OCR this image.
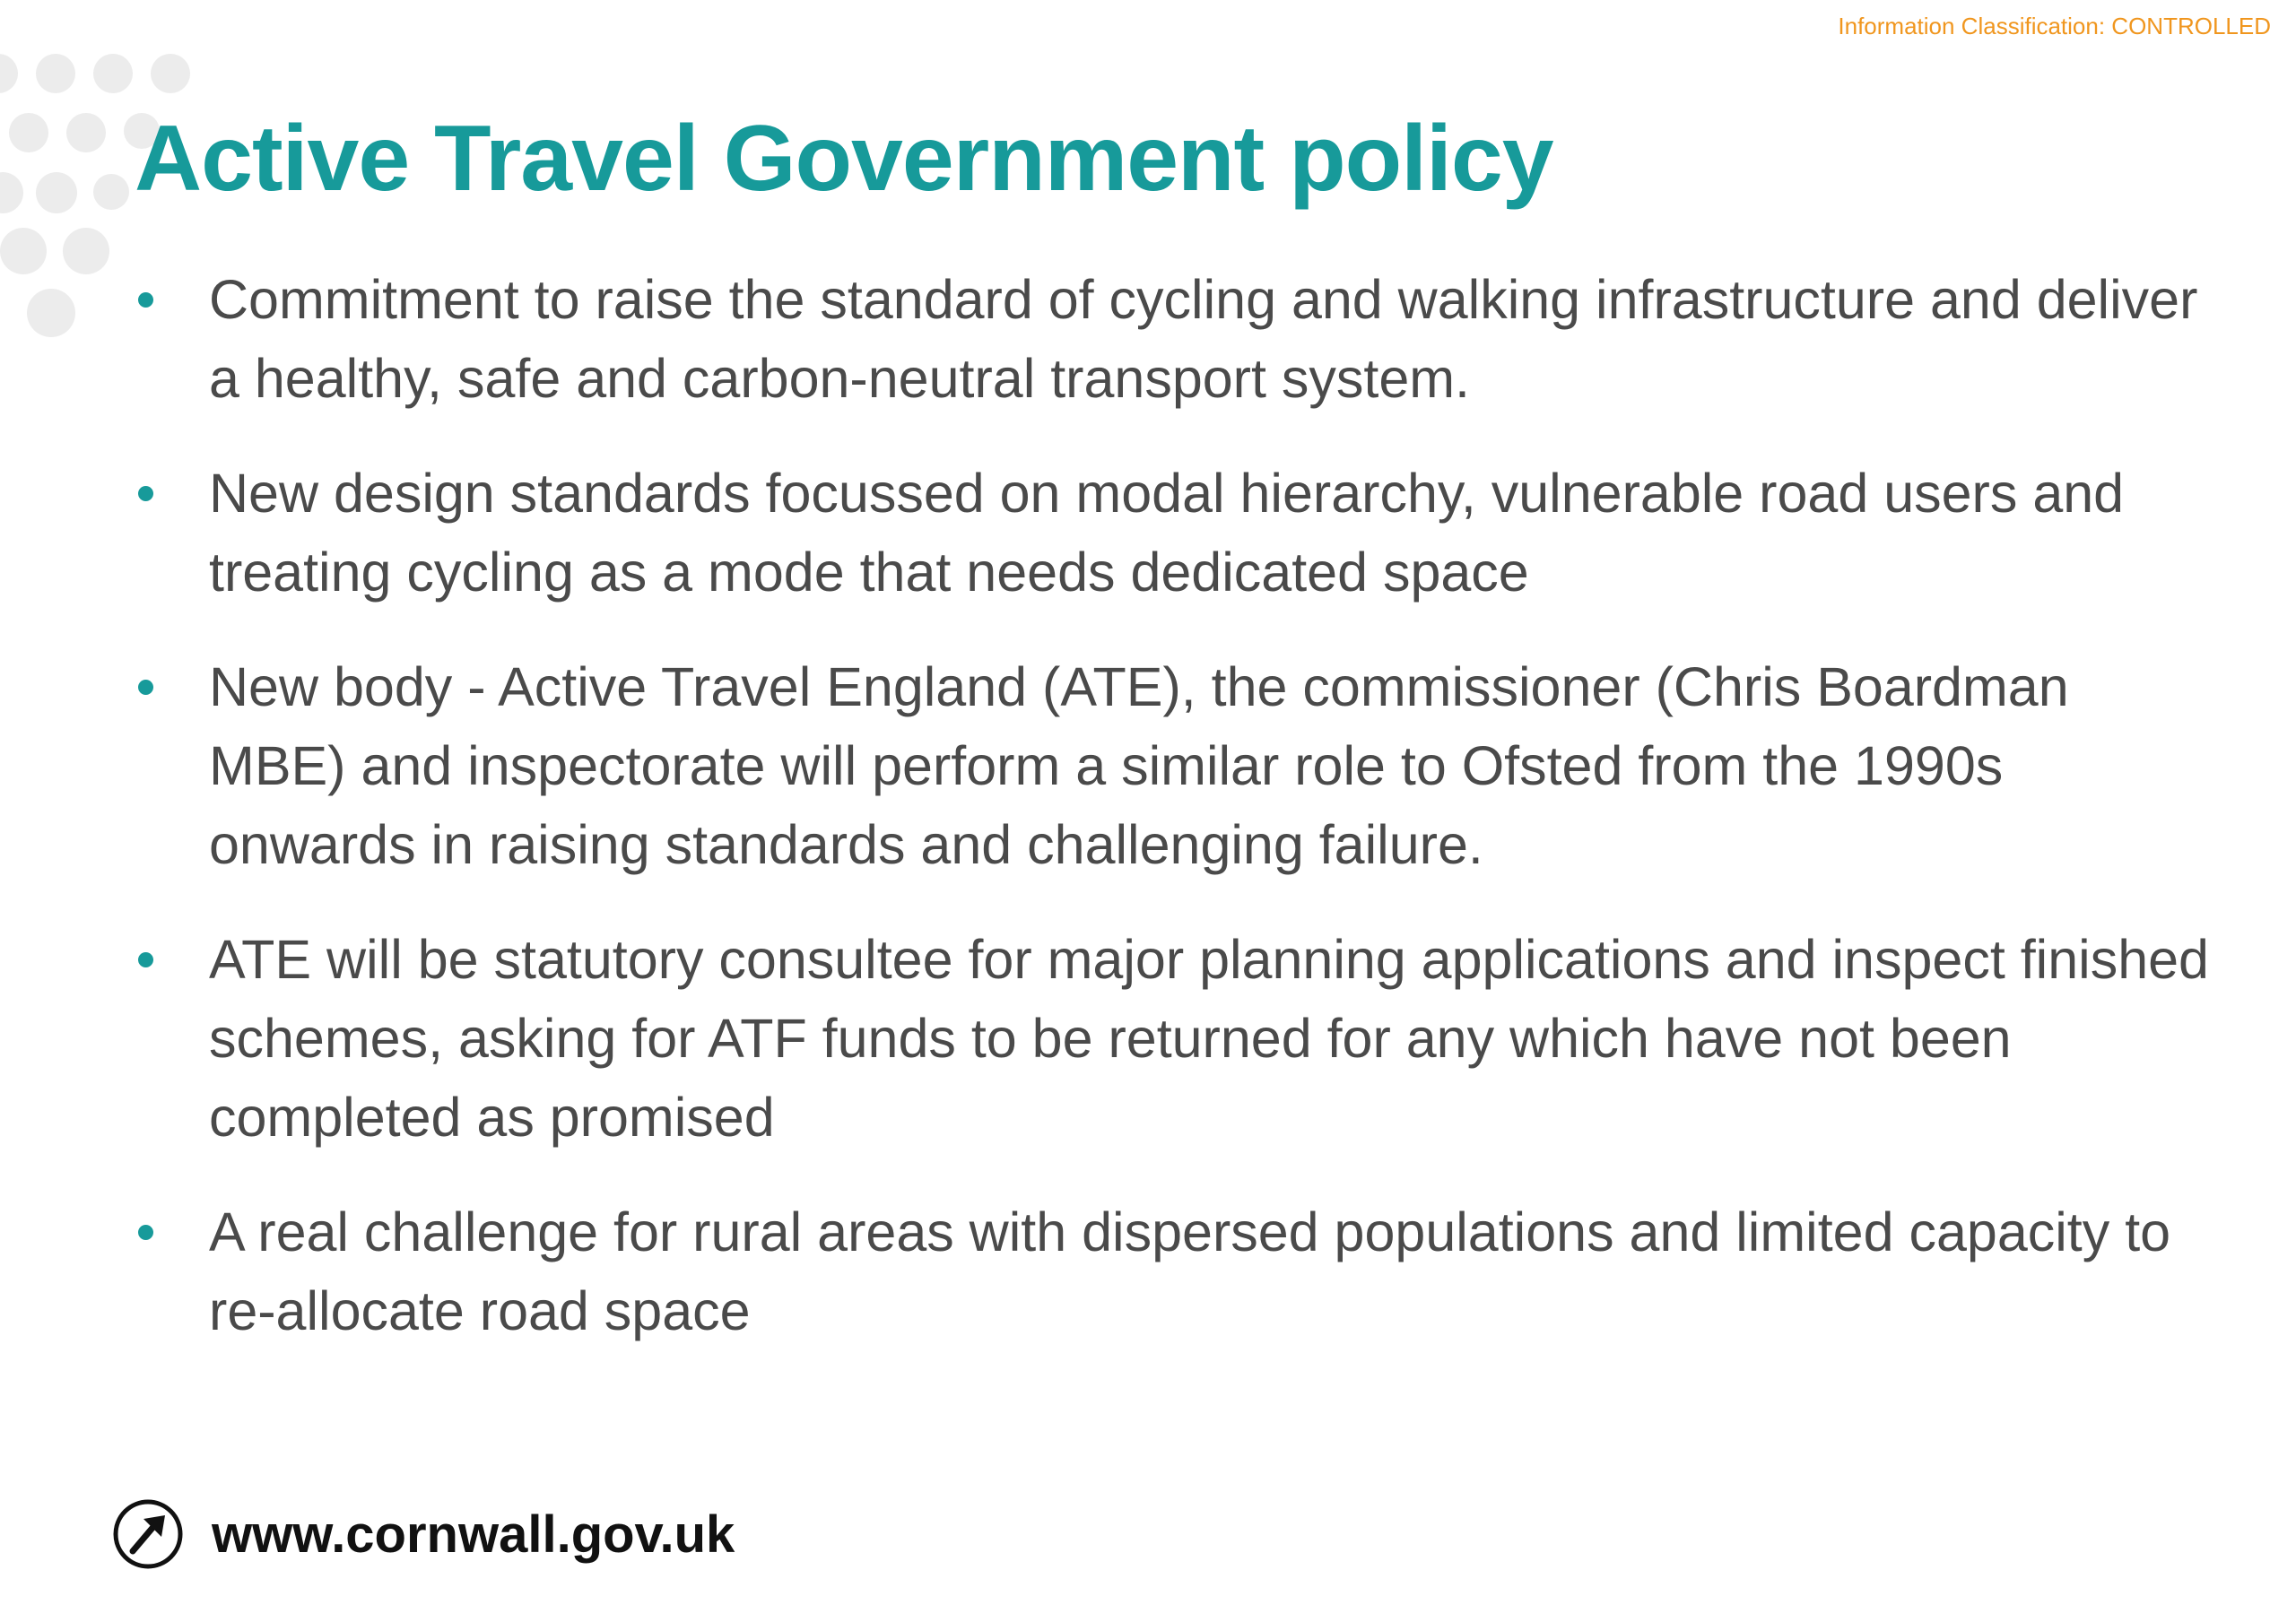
Information Classification: CONTROLLED
Active Travel Government policy
Commitment to raise the standard of cycling and walking infrastructure and deliver a healthy, safe and carbon-neutral transport system.
New design standards focussed on modal hierarchy, vulnerable road users and treating cycling as a mode that needs dedicated space
New body - Active Travel England (ATE), the commissioner (Chris Boardman MBE) and inspectorate will perform a similar role to Ofsted from the 1990s onwards in raising standards and challenging failure.
ATE will be statutory consultee for major planning applications and inspect finished schemes, asking for ATF funds to be returned for any which have not been completed as promised
A real challenge for rural areas with dispersed populations and limited capacity to re-allocate road space
www.cornwall.gov.uk
